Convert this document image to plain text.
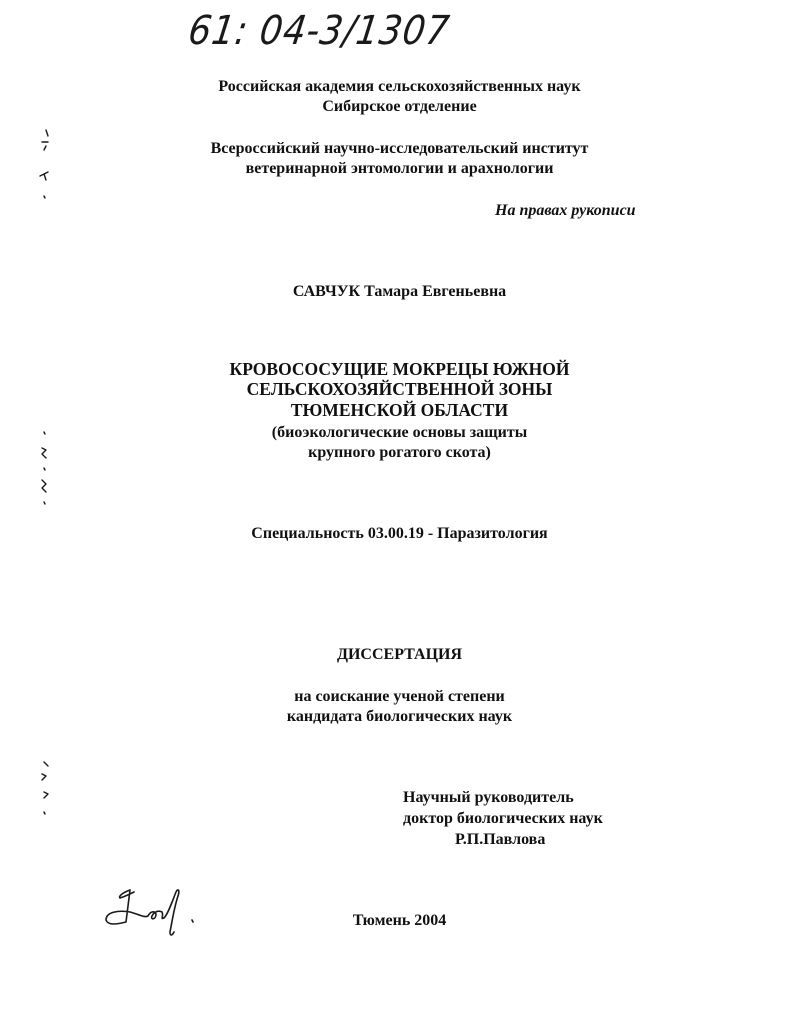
61: 04-3/1307
Российская академия сельскохозяйственных наук
Сибирское отделение
Всероссийский научно-исследовательский институт
ветеринарной энтомологии и арахнологии
На правах рукописи
САВЧУК Тамара Евгеньевна
КРОВОСОСУЩИЕ МОКРЕЦЫ ЮЖНОЙ
СЕЛЬСКОХОЗЯЙСТВЕННОЙ ЗОНЫ
ТЮМЕНСКОЙ ОБЛАСТИ
(биоэкологические основы защиты
крупного рогатого скота)
Специальность 03.00.19 - Паразитология
ДИССЕРТАЦИЯ
на соискание ученой степени
кандидата биологических наук
Научный руководитель
доктор биологических наук
Р.П.Павлова
Тюмень 2004
